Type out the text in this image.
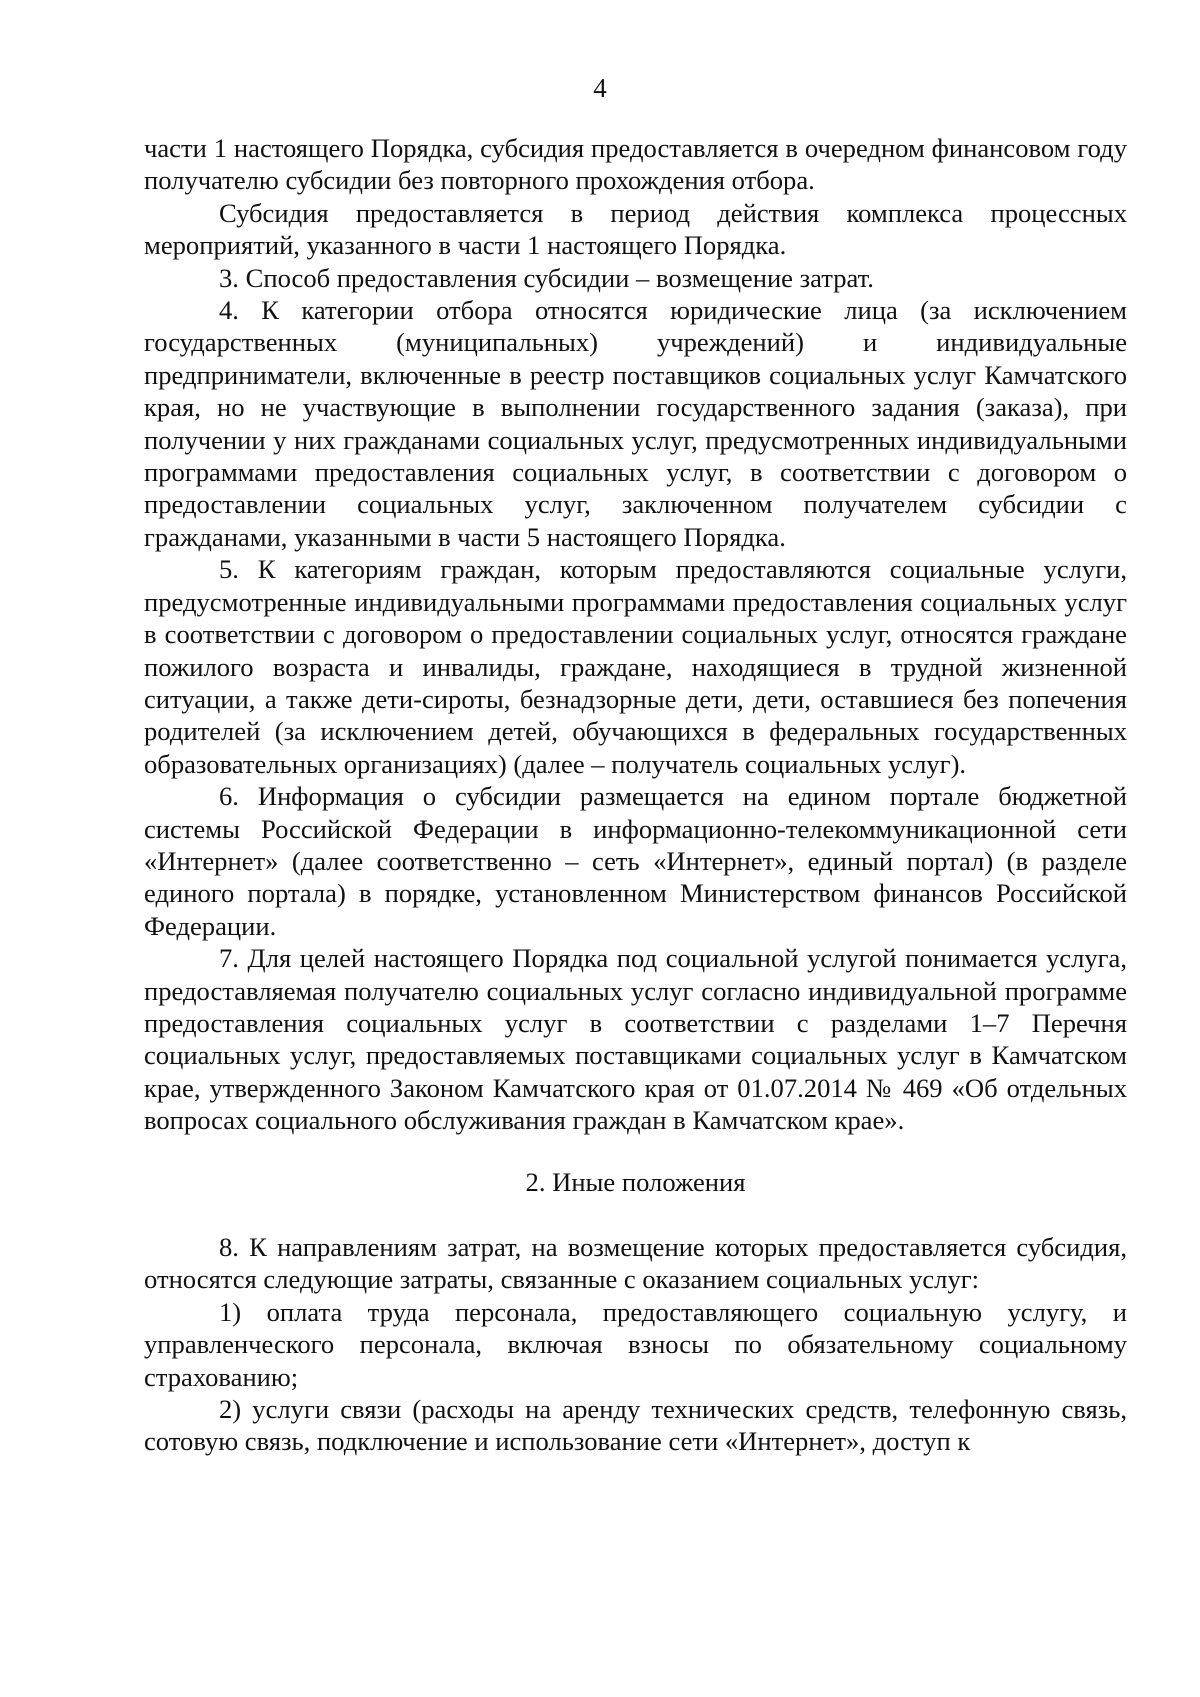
4

части 1 настоящего Порядка, субсидия предоставляется в очередном финансовом году получателю субсидии без повторного прохождения отбора.

Субсидия предоставляется в период действия комплекса процессных мероприятий, указанного в части 1 настоящего Порядка.

3. Способ предоставления субсидии – возмещение затрат.

4. К категории отбора относятся юридические лица (за исключением государственных (муниципальных) учреждений) и индивидуальные предприниматели, включенные в реестр поставщиков социальных услуг Камчатского края, но не участвующие в выполнении государственного задания (заказа), при получении у них гражданами социальных услуг, предусмотренных индивидуальными программами предоставления социальных услуг, в соответствии с договором о предоставлении социальных услуг, заключенном получателем субсидии с гражданами, указанными в части 5 настоящего Порядка.

5. К категориям граждан, которым предоставляются социальные услуги, предусмотренные индивидуальными программами предоставления социальных услуг в соответствии с договором о предоставлении социальных услуг, относятся граждане пожилого возраста и инвалиды, граждане, находящиеся в трудной жизненной ситуации, а также дети-сироты, безнадзорные дети, дети, оставшиеся без попечения родителей (за исключением детей, обучающихся в федеральных государственных образовательных организациях) (далее – получатель социальных услуг).

6. Информация о субсидии размещается на едином портале бюджетной системы Российской Федерации в информационно-телекоммуникационной сети «Интернет» (далее соответственно – сеть «Интернет», единый портал) (в разделе единого портала) в порядке, установленном Министерством финансов Российской Федерации.

7. Для целей настоящего Порядка под социальной услугой понимается услуга, предоставляемая получателю социальных услуг согласно индивидуальной программе предоставления социальных услуг в соответствии с разделами 1–7 Перечня социальных услуг, предоставляемых поставщиками социальных услуг в Камчатском крае, утвержденного Законом Камчатского края от 01.07.2014 № 469 «Об отдельных вопросах социального обслуживания граждан в Камчатском крае».

2. Иные положения

8. К направлениям затрат, на возмещение которых предоставляется субсидия, относятся следующие затраты, связанные с оказанием социальных услуг:

1) оплата труда персонала, предоставляющего социальную услугу, и управленческого персонала, включая взносы по обязательному социальному страхованию;

2) услуги связи (расходы на аренду технических средств, телефонную связь, сотовую связь, подключение и использование сети «Интернет», доступ к
